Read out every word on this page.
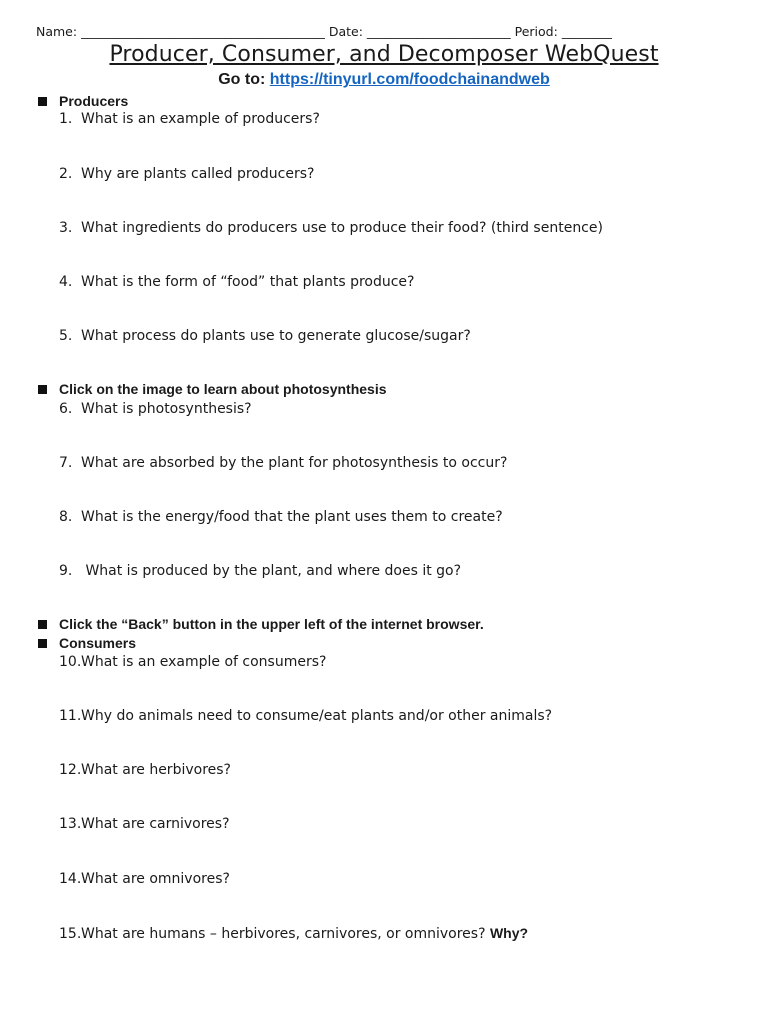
Name: _______________________________________ Date: _______________________ Period: ________
Producer, Consumer, and Decomposer WebQuest
Go to: https://tinyurl.com/foodchainandweb
Producers
1. What is an example of producers?
2. Why are plants called producers?
3. What ingredients do producers use to produce their food? (third sentence)
4. What is the form of “food” that plants produce?
5. What process do plants use to generate glucose/sugar?
Click on the image to learn about photosynthesis
6. What is photosynthesis?
7. What are absorbed by the plant for photosynthesis to occur?
8. What is the energy/food that the plant uses them to create?
9. What is produced by the plant, and where does it go?
Click the “Back” button in the upper left of the internet browser.
Consumers
10.What is an example of consumers?
11.Why do animals need to consume/eat plants and/or other animals?
12.What are herbivores?
13.What are carnivores?
14.What are omnivores?
15.What are humans – herbivores, carnivores, or omnivores? Why?
